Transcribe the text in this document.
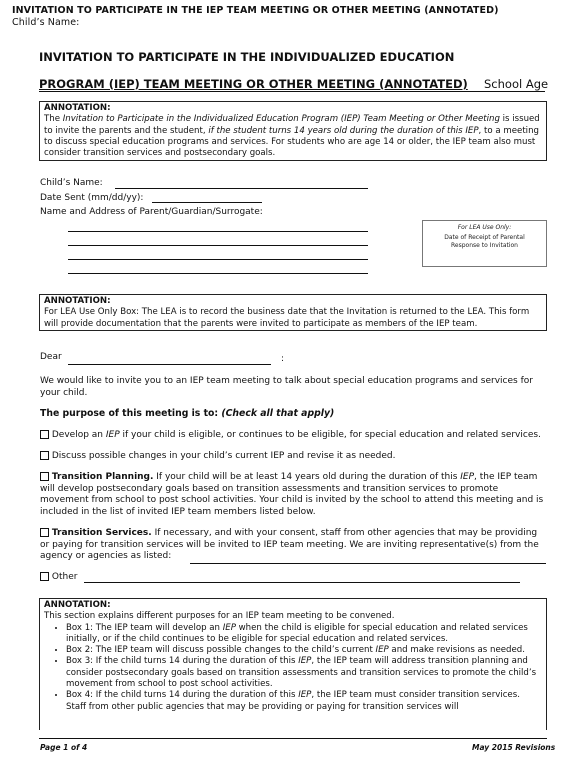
INVITATION TO PARTICIPATE IN THE IEP TEAM MEETING OR OTHER MEETING (ANNOTATED)
Child’s Name:
INVITATION TO PARTICIPATE IN THE INDIVIDUALIZED EDUCATION
PROGRAM (IEP) TEAM MEETING OR OTHER MEETING (ANNOTATED) School Age
ANNOTATION:
The Invitation to Participate in the Individualized Education Program (IEP) Team Meeting or Other Meeting is issued to invite the parents and the student, if the student turns 14 years old during the duration of this IEP, to a meeting to discuss special education programs and services. For students who are age 14 or older, the IEP team also must consider transition services and postsecondary goals.
Child’s Name:
Date Sent (mm/dd/yy):
Name and Address of Parent/Guardian/Surrogate:
For LEA Use Only:
Date of Receipt of Parental
Response to Invitation
ANNOTATION:
For LEA Use Only Box: The LEA is to record the business date that the Invitation is returned to the LEA. This form will provide documentation that the parents were invited to participate as members of the IEP team.
Dear	:
We would like to invite you to an IEP team meeting to talk about special education programs and services for your child.
The purpose of this meeting is to: (Check all that apply)
Develop an IEP if your child is eligible, or continues to be eligible, for special education and related services.
Discuss possible changes in your child’s current IEP and revise it as needed.
Transition Planning. If your child will be at least 14 years old during the duration of this IEP, the IEP team will develop postsecondary goals based on transition assessments and transition services to promote movement from school to post school activities. Your child is invited by the school to attend this meeting and is included in the list of invited IEP team members listed below.
Transition Services. If necessary, and with your consent, staff from other agencies that may be providing or paying for transition services will be invited to IEP team meeting. We are inviting representative(s) from the agency or agencies as listed:
Other
ANNOTATION:
This section explains different purposes for an IEP team meeting to be convened.
• Box 1: The IEP team will develop an IEP when the child is eligible for special education and related services initially, or if the child continues to be eligible for special education and related services.
• Box 2: The IEP team will discuss possible changes to the child’s current IEP and make revisions as needed.
• Box 3: If the child turns 14 during the duration of this IEP, the IEP team will address transition planning and consider postsecondary goals based on transition assessments and transition services to promote the child’s movement from school to post school activities.
• Box 4: If the child turns 14 during the duration of this IEP, the IEP team must consider transition services. Staff from other public agencies that may be providing or paying for transition services will
Page 1 of 4	May 2015 Revisions
